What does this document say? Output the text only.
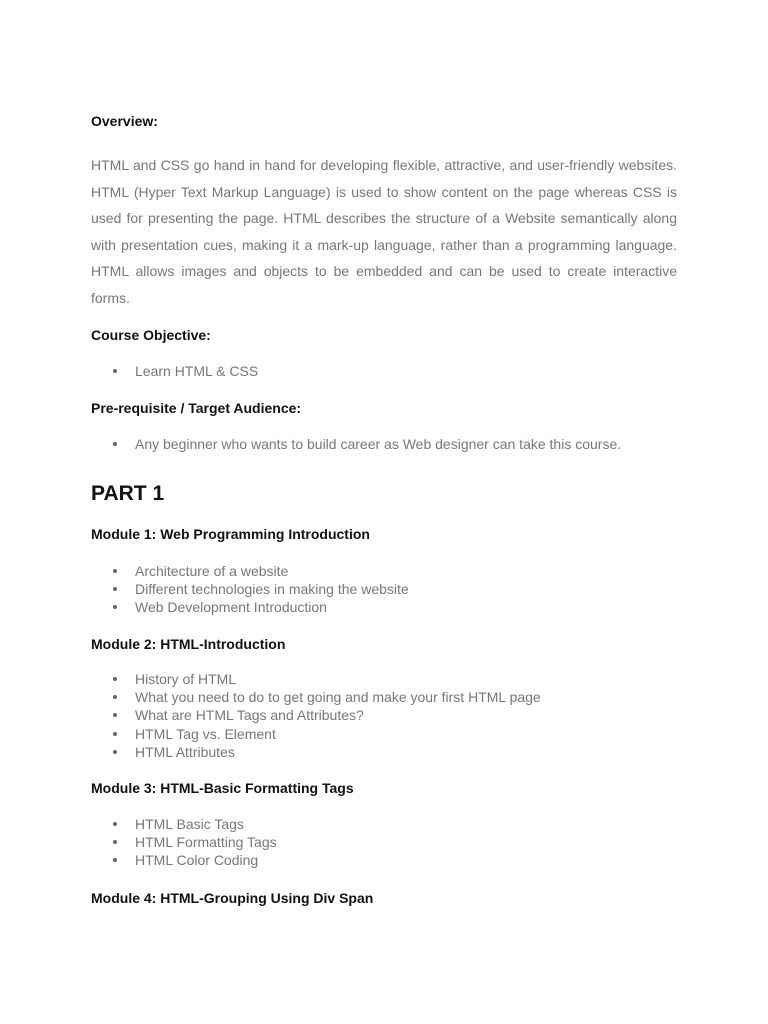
Overview:
HTML and CSS go hand in hand for developing flexible, attractive, and user-friendly websites. HTML (Hyper Text Markup Language) is used to show content on the page whereas CSS is used for presenting the page. HTML describes the structure of a Website semantically along with presentation cues, making it a mark-up language, rather than a programming language. HTML allows images and objects to be embedded and can be used to create interactive forms.
Course Objective:
Learn HTML & CSS
Pre-requisite / Target Audience:
Any beginner who wants to build career as Web designer can take this course.
PART 1
Module 1: Web Programming Introduction
Architecture of a website
Different technologies in making the website
Web Development Introduction
Module 2: HTML-Introduction
History of HTML
What you need to do to get going and make your first HTML page
What are HTML Tags and Attributes?
HTML Tag vs. Element
HTML Attributes
Module 3: HTML-Basic Formatting Tags
HTML Basic Tags
HTML Formatting Tags
HTML Color Coding
Module 4: HTML-Grouping Using Div Span
